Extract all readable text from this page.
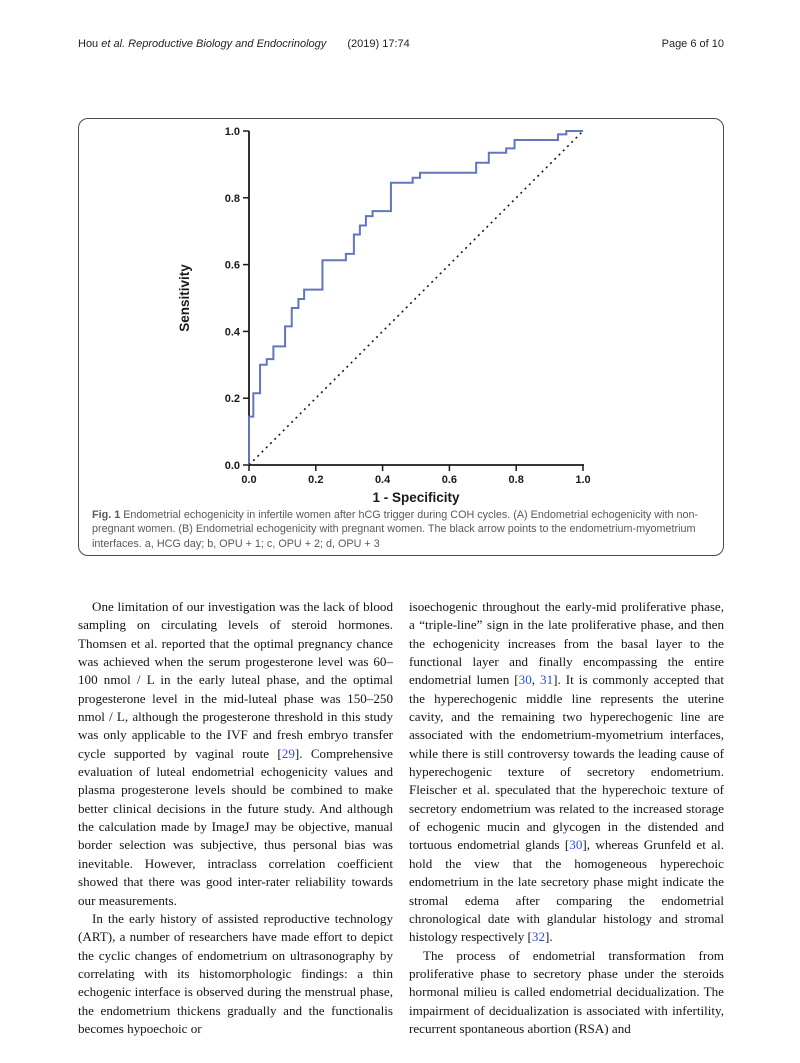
Hou et al. Reproductive Biology and Endocrinology (2019) 17:74	Page 6 of 10
0.0
0.2
0.4
0.6
0.8
1.0
0.0	0.2	0.4	0.6	0.8	1.0
Sensitivity
1 - Specificity
Fig. 1 Endometrial echogenicity in infertile women after hCG trigger during COH cycles. (A) Endometrial echogenicity with non-pregnant women. (B) Endometrial echogenicity with pregnant women. The black arrow points to the endometrium-myometrium interfaces. a, HCG day; b, OPU + 1; c, OPU + 2; d, OPU + 3

One limitation of our investigation was the lack of blood sampling on circulating levels of steroid hormones. Thomsen et al. reported that the optimal pregnancy chance was achieved when the serum progesterone level was 60–100 nmol / L in the early luteal phase, and the optimal progesterone level in the mid-luteal phase was 150–250 nmol / L, although the progesterone threshold in this study was only applicable to the IVF and fresh embryo transfer cycle supported by vaginal route [29]. Comprehensive evaluation of luteal endometrial echogenicity values and plasma progesterone levels should be combined to make better clinical decisions in the future study. And although the calculation made by ImageJ may be objective, manual border selection was subjective, thus personal bias was inevitable. However, intraclass correlation coefficient showed that there was good inter-rater reliability towards our measurements.

In the early history of assisted reproductive technology (ART), a number of researchers have made effort to depict the cyclic changes of endometrium on ultrasonography by correlating with its histomorphologic findings: a thin echogenic interface is observed during the menstrual phase, the endometrium thickens gradually and the functionalis becomes hypoechoic or

isoechogenic throughout the early-mid proliferative phase, a “triple-line” sign in the late proliferative phase, and then the echogenicity increases from the basal layer to the functional layer and finally encompassing the entire endometrial lumen [30, 31]. It is commonly accepted that the hyperechogenic middle line represents the uterine cavity, and the remaining two hyperechogenic line are associated with the endometrium-myometrium interfaces, while there is still controversy towards the leading cause of hyperechogenic texture of secretory endometrium. Fleischer et al. speculated that the hyperechoic texture of secretory endometrium was related to the increased storage of echogenic mucin and glycogen in the distended and tortuous endometrial glands [30], whereas Grunfeld et al. hold the view that the homogeneous hyperechoic endometrium in the late secretory phase might indicate the stromal edema after comparing the endometrial chronological date with glandular histology and stromal histology respectively [32].

The process of endometrial transformation from proliferative phase to secretory phase under the steroids hormonal milieu is called endometrial decidualization. The impairment of decidualization is associated with infertility, recurrent spontaneous abortion (RSA) and
